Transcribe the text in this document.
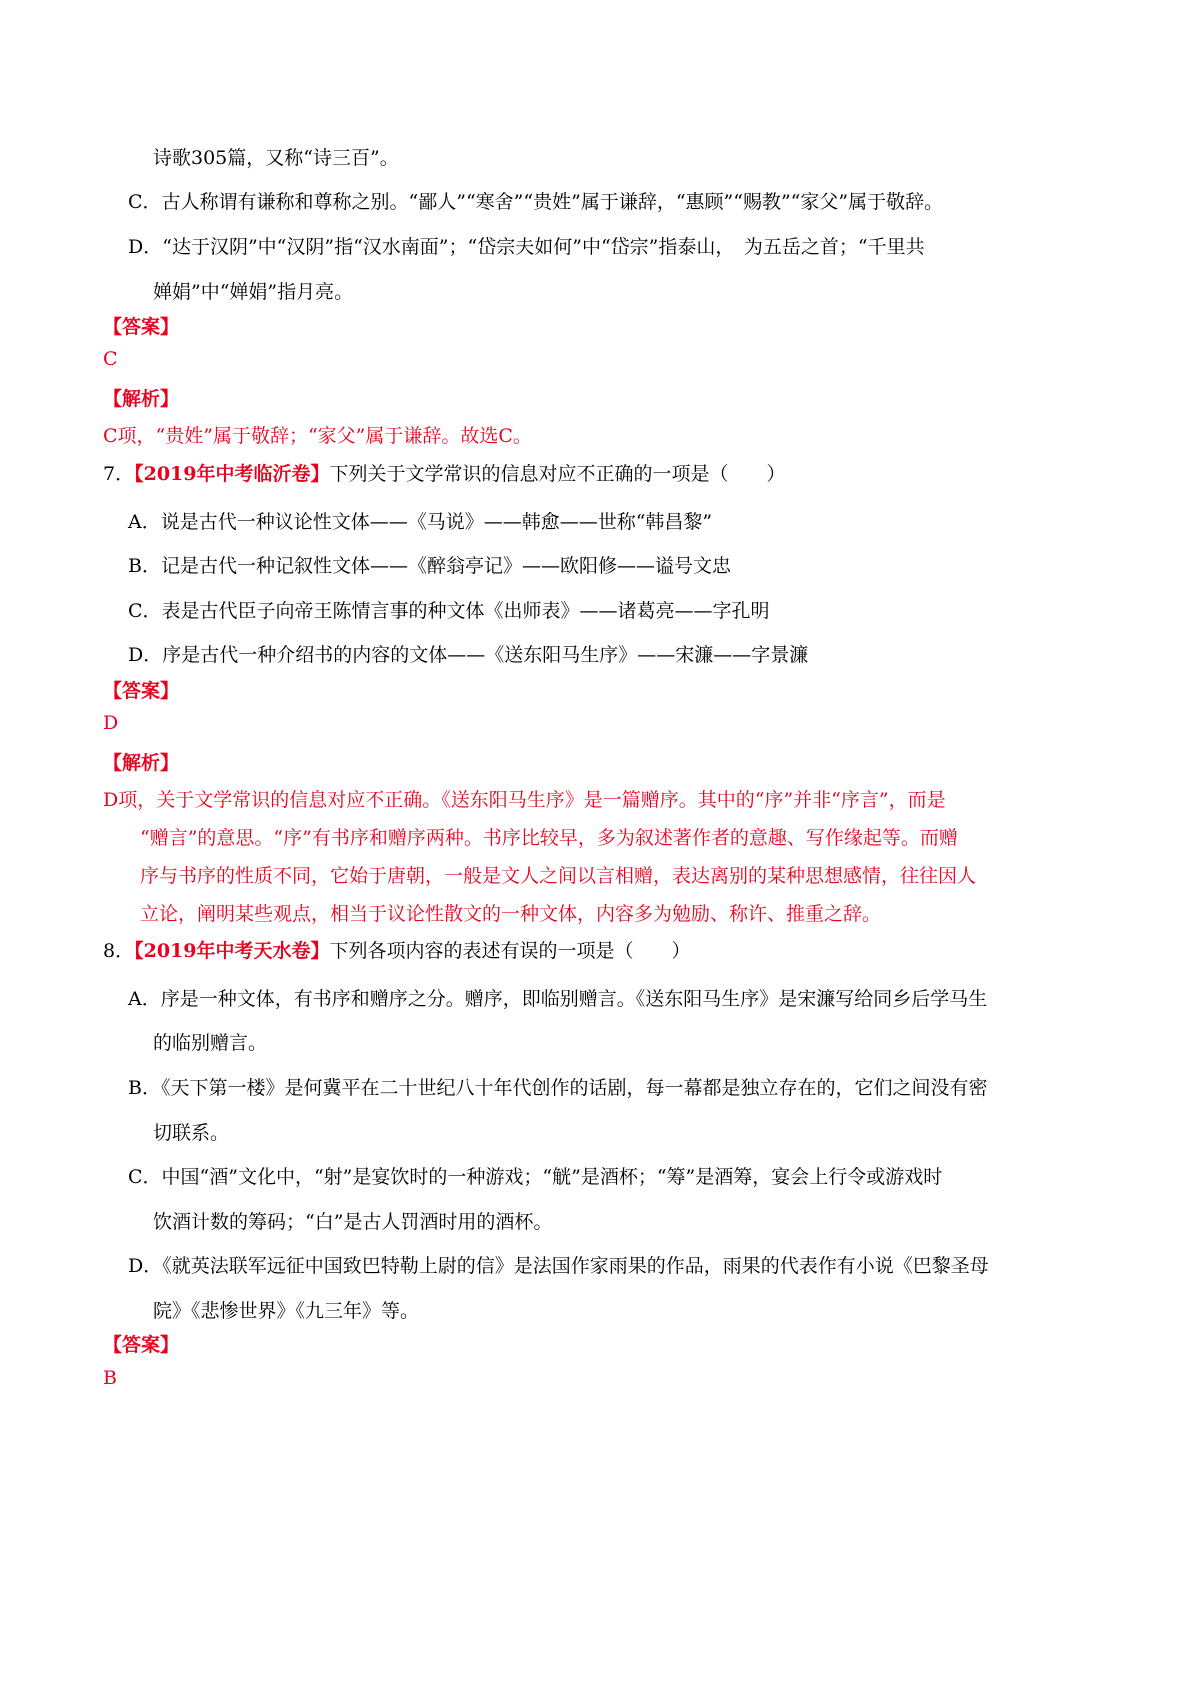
诗歌305篇，又称“诗三百”。
C．古人称谓有谦称和尊称之别。“鄙人”“寒舍”“贵姓”属于谦辞，“惠顾”“赐教”“家父”属于敬辞。
D．“达于汉阴”中“汉阴”指“汉水南面”；“岱宗夫如何”中“岱宗”指泰山，　为五岳之首；“千里共
婵娟”中“婵娟”指月亮。
【答案】
C
【解析】
C项，“贵姓”属于敬辞；“家父”属于谦辞。故选C。
7．【2019年中考临沂卷】下列关于文学常识的信息对应不正确的一项是（　　）
A．说是古代一种议论性文体——《马说》——韩愈——世称“韩昌黎”
B．记是古代一种记叙性文体——《醉翁亭记》——欧阳修——谥号文忠
C．表是古代臣子向帝王陈情言事的种文体《出师表》——诸葛亮——字孔明
D．序是古代一种介绍书的内容的文体——《送东阳马生序》——宋濂——字景濂
【答案】
D
【解析】
D项，关于文学常识的信息对应不正确。《送东阳马生序》是一篇赠序。其中的“序”并非“序言”，而是
“赠言”的意思。“序”有书序和赠序两种。书序比较早，多为叙述著作者的意趣、写作缘起等。而赠
序与书序的性质不同，它始于唐朝，一般是文人之间以言相赠，表达离别的某种思想感情，往往因人
立论，阐明某些观点，相当于议论性散文的一种文体，内容多为勉励、称许、推重之辞。
8．【2019年中考天水卷】下列各项内容的表述有误的一项是（　　）
A．序是一种文体，有书序和赠序之分。赠序，即临别赠言。《送东阳马生序》是宋濂写给同乡后学马生
的临别赠言。
B．《天下第一楼》是何冀平在二十世纪八十年代创作的话剧，每一幕都是独立存在的，它们之间没有密
切联系。
C．中国“酒”文化中，“射”是宴饮时的一种游戏；“觥”是酒杯；“筹”是酒筹，宴会上行令或游戏时
饮酒计数的筹码；“白”是古人罚酒时用的酒杯。
D．《就英法联军远征中国致巴特勒上尉的信》是法国作家雨果的作品，雨果的代表作有小说《巴黎圣母
院》《悲惨世界》《九三年》等。
【答案】
B
